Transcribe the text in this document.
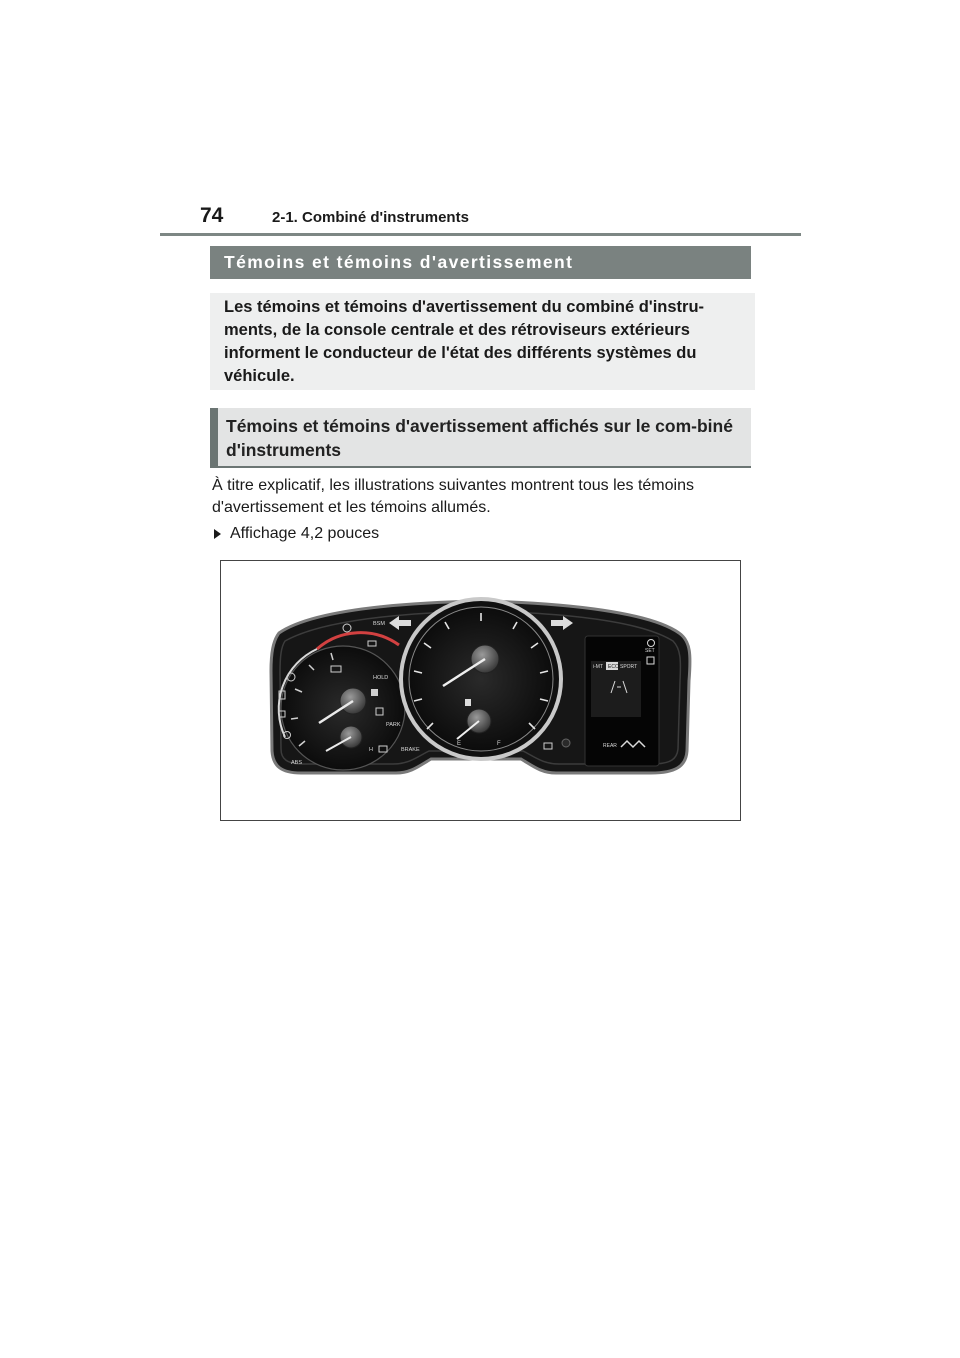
74	2-1. Combiné d'instruments
Témoins et témoins d'avertissement
Les témoins et témoins d'avertissement du combiné d'instru-ments, de la console centrale et des rétroviseurs extérieurs informent le conducteur de l'état des différents systèmes du véhicule.
Témoins et témoins d'avertissement affichés sur le com-biné d'instruments
À titre explicatif, les illustrations suivantes montrent tous les témoins d'avertissement et les témoins allumés.
Affichage 4,2 pouces
BSM
HOLD
PARK
BRAKE
ABS
H
E	F
SET
i-MT ECO SPORT
REAR
